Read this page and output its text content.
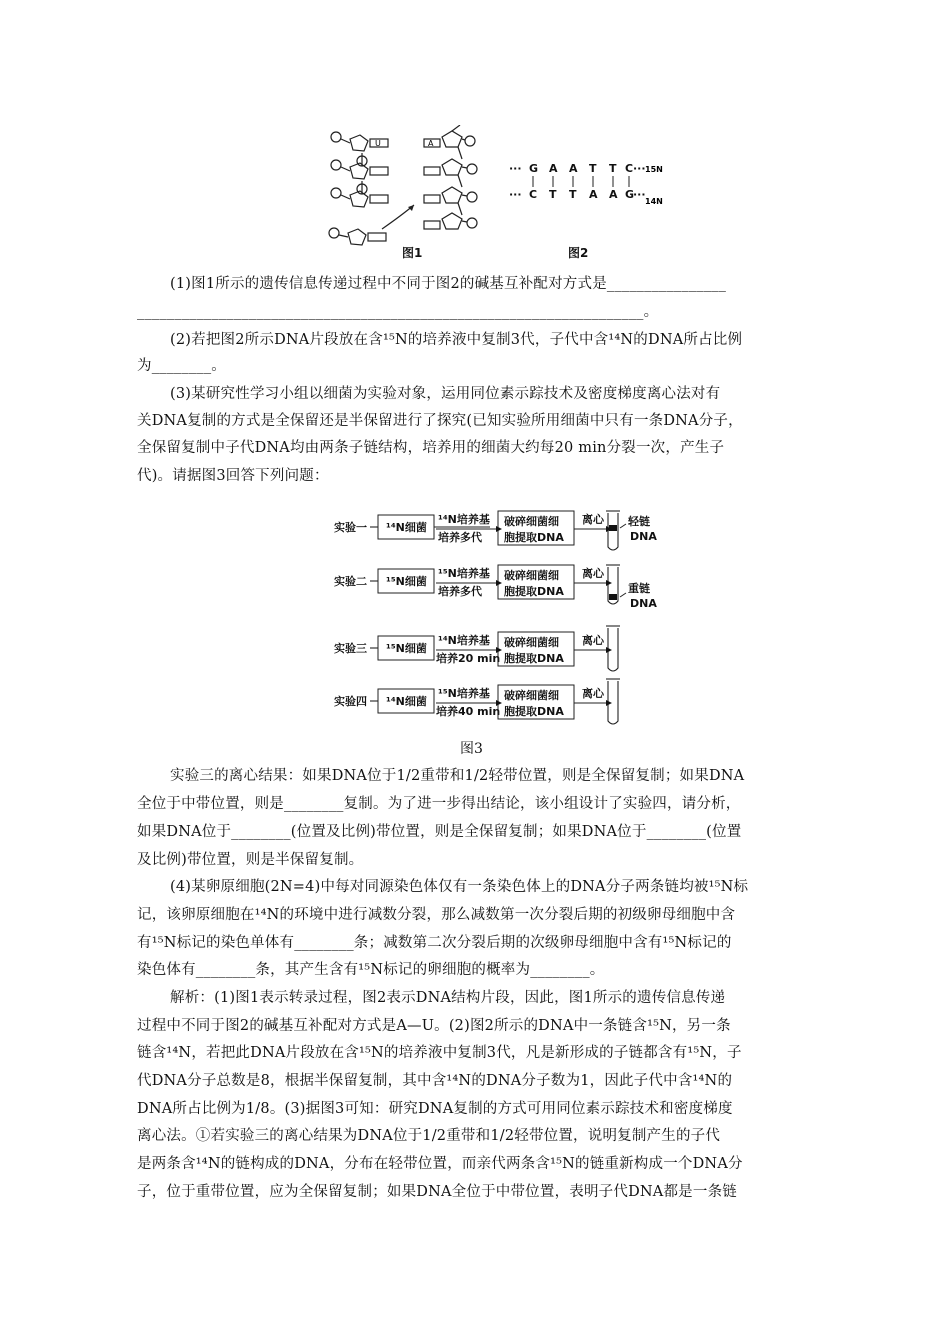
U	A
图1
··· G A A T T C ···
··· C T T A A G
···
15N
14N
图2
(1)图1所示的遗传信息传递过程中不同于图2的碱基互补配对方式是________________
____________________________________________________________________。
(2)若把图2所示DNA片段放在含¹⁵N的培养液中复制3代，子代中含¹⁴N的DNA所占比例
为________。
(3)某研究性学习小组以细菌为实验对象，运用同位素示踪技术及密度梯度离心法对有
关DNA复制的方式是全保留还是半保留进行了探究(已知实验所用细菌中只有一条DNA分子，
全保留复制中子代DNA均由两条子链结构，培养用的细菌大约每20 min分裂一次，产生子
代)。请据图3回答下列问题：
实验一 ¹⁴N细菌
¹⁴N培养基
培养多代
破碎细菌细
胞提取DNA
离心 轻链
DNA
实验二 ¹⁵N细菌
¹⁵N培养基
培养多代
破碎细菌细
胞提取DNA
离心
重链
DNA
实验三 ¹⁵N细菌
¹⁴N培养基
培养20 min
破碎细菌细
胞提取DNA
离心
实验四 ¹⁴N细菌
¹⁵N培养基
培养40 min
破碎细菌细
胞提取DNA
离心
图3
实验三的离心结果：如果DNA位于1/2重带和1/2轻带位置，则是全保留复制；如果DNA
全位于中带位置，则是________复制。为了进一步得出结论，该小组设计了实验四，请分析，
如果DNA位于________(位置及比例)带位置，则是全保留复制；如果DNA位于________(位置
及比例)带位置，则是半保留复制。
(4)某卵原细胞(2N=4)中每对同源染色体仅有一条染色体上的DNA分子两条链均被¹⁵N标
记，该卵原细胞在¹⁴N的环境中进行减数分裂，那么减数第一次分裂后期的初级卵母细胞中含
有¹⁵N标记的染色单体有________条；减数第二次分裂后期的次级卵母细胞中含有¹⁵N标记的
染色体有________条，其产生含有¹⁵N标记的卵细胞的概率为________。
解析：(1)图1表示转录过程，图2表示DNA结构片段，因此，图1所示的遗传信息传递
过程中不同于图2的碱基互补配对方式是A—U。(2)图2所示的DNA中一条链含¹⁵N，另一条
链含¹⁴N，若把此DNA片段放在含¹⁵N的培养液中复制3代，凡是新形成的子链都含有¹⁵N，子
代DNA分子总数是8，根据半保留复制，其中含¹⁴N的DNA分子数为1，因此子代中含¹⁴N的
DNA所占比例为1/8。(3)据图3可知：研究DNA复制的方式可用同位素示踪技术和密度梯度
离心法。①若实验三的离心结果为DNA位于1/2重带和1/2轻带位置，说明复制产生的子代
是两条含¹⁴N的链构成的DNA，分布在轻带位置，而亲代两条含¹⁵N的链重新构成一个DNA分
子，位于重带位置，应为全保留复制；如果DNA全位于中带位置，表明子代DNA都是一条链
